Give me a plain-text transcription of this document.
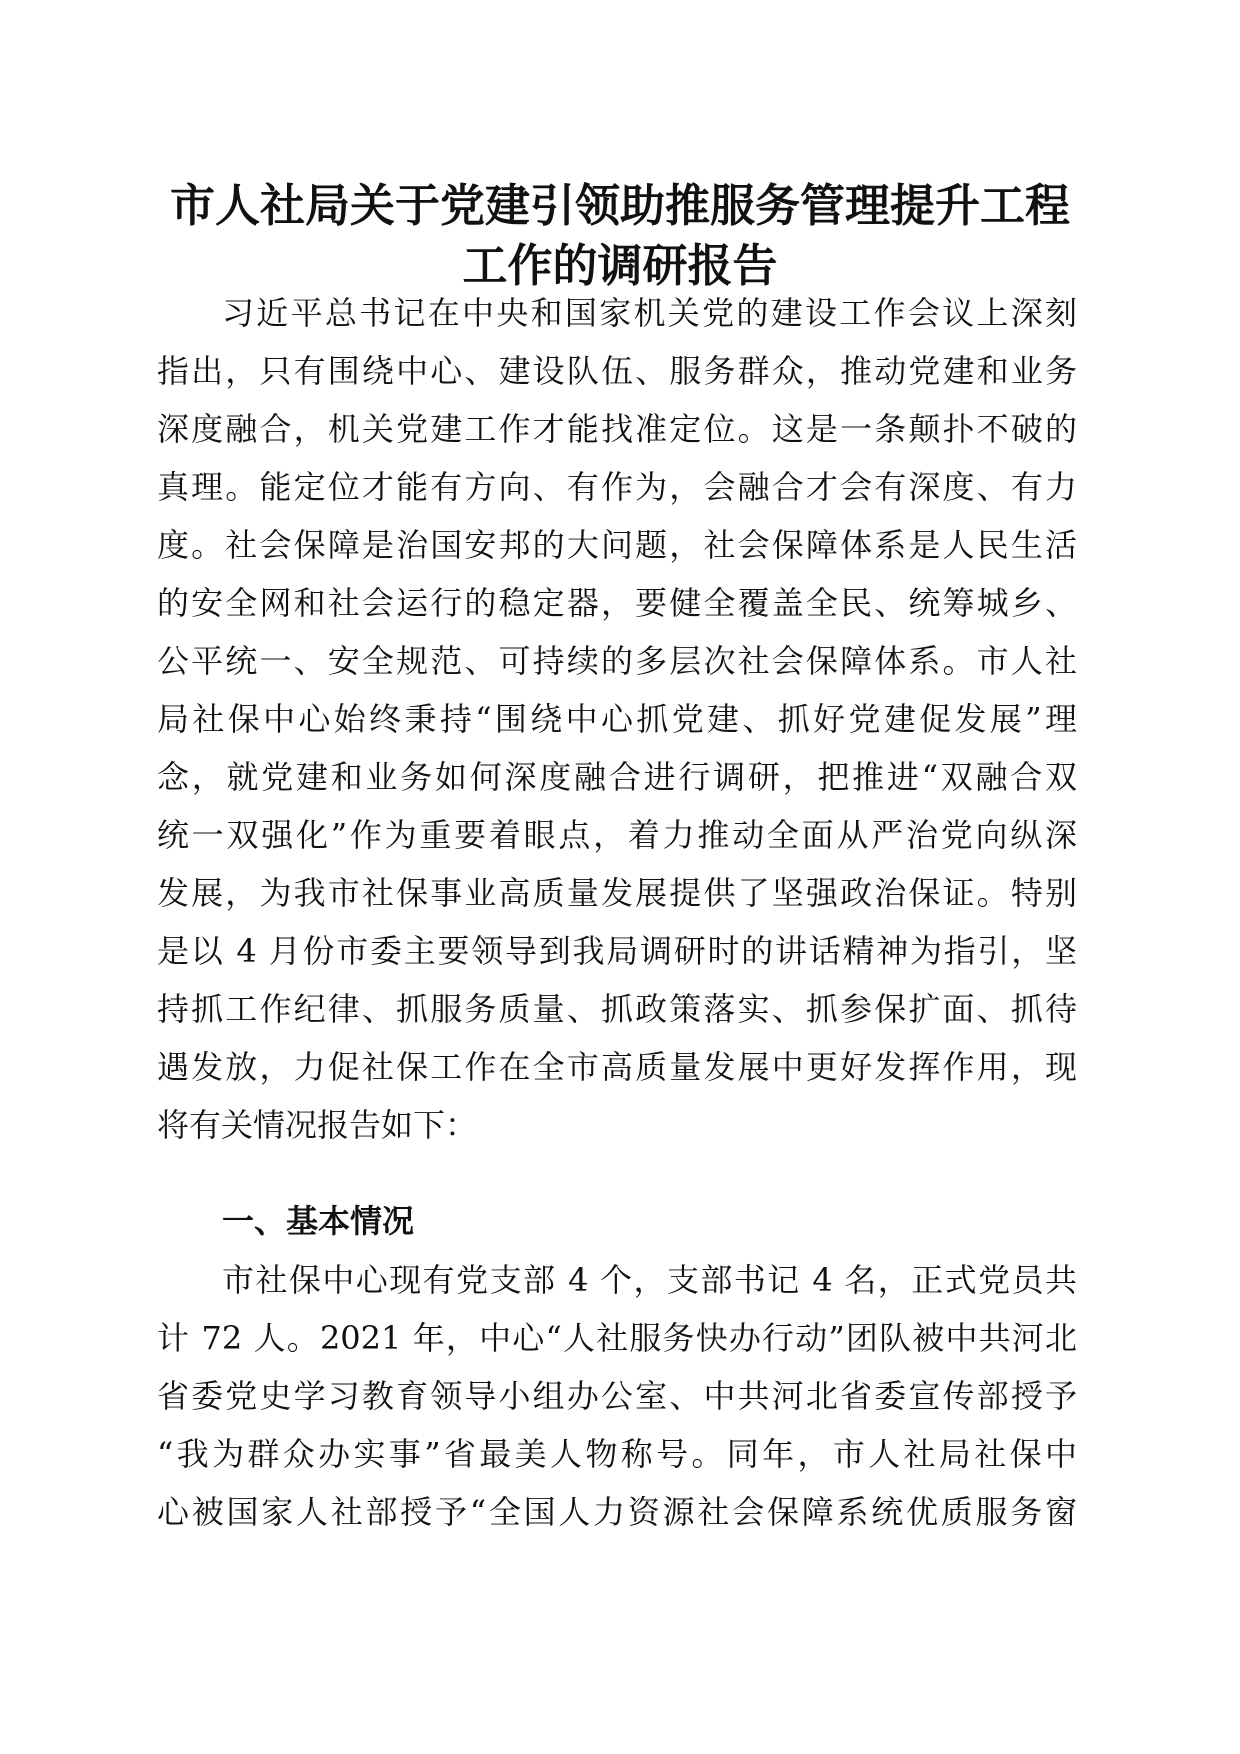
市人社局关于党建引领助推服务管理提升工程
工作的调研报告
习近平总书记在中央和国家机关党的建设工作会议上深刻
指出，只有围绕中心、建设队伍、服务群众，推动党建和业务
深度融合，机关党建工作才能找准定位。这是一条颠扑不破的
真理。能定位才能有方向、有作为，会融合才会有深度、有力
度。社会保障是治国安邦的大问题，社会保障体系是人民生活
的安全网和社会运行的稳定器，要健全覆盖全民、统筹城乡、
公平统一、安全规范、可持续的多层次社会保障体系。市人社
局社保中心始终秉持“围绕中心抓党建、抓好党建促发展”理
念，就党建和业务如何深度融合进行调研，把推进“双融合双
统一双强化”作为重要着眼点，着力推动全面从严治党向纵深
发展，为我市社保事业高质量发展提供了坚强政治保证。特别
是以 4 月份市委主要领导到我局调研时的讲话精神为指引，坚
持抓工作纪律、抓服务质量、抓政策落实、抓参保扩面、抓待
遇发放，力促社保工作在全市高质量发展中更好发挥作用，现
将有关情况报告如下：
一、基本情况
市社保中心现有党支部 4 个，支部书记 4 名，正式党员共
计 72 人。2021 年，中心“人社服务快办行动”团队被中共河北
省委党史学习教育领导小组办公室、中共河北省委宣传部授予
“我为群众办实事”省最美人物称号。同年，市人社局社保中
心被国家人社部授予“全国人力资源社会保障系统优质服务窗
